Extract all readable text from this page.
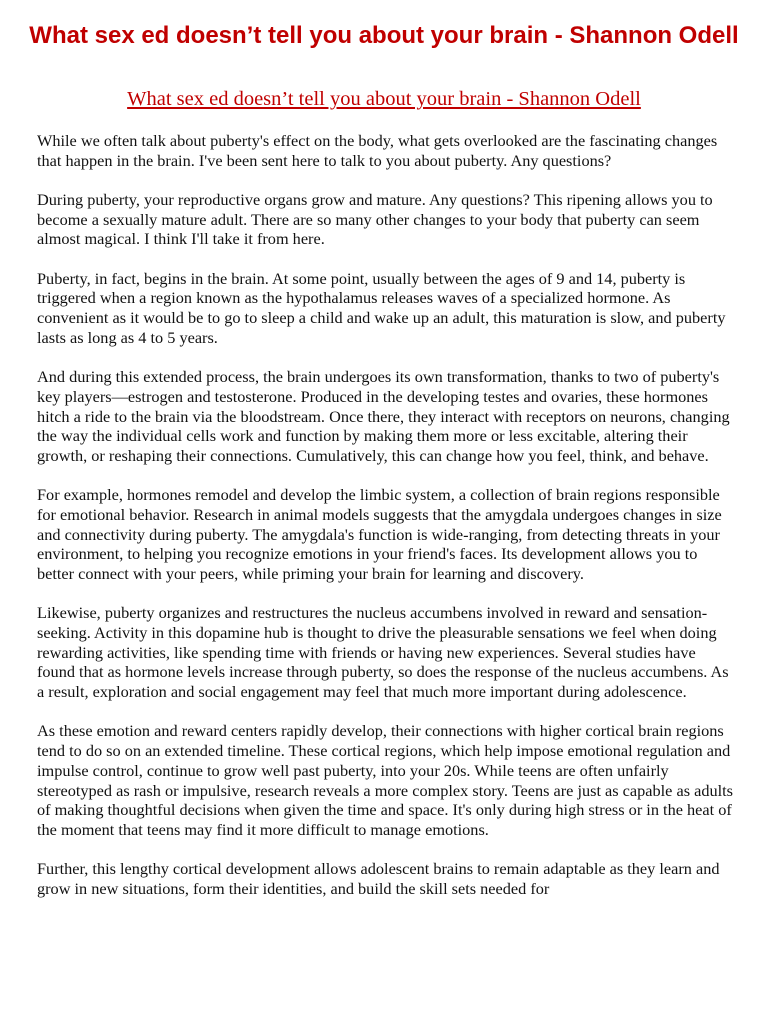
What sex ed doesn’t tell you about your brain - Shannon Odell
What sex ed doesn’t tell you about your brain - Shannon Odell

While we often talk about puberty's effect on the body, what gets overlooked are the fascinating changes that happen in the brain. I've been sent here to talk to you about puberty. Any questions?

During puberty, your reproductive organs grow and mature. Any questions? This ripening allows you to become a sexually mature adult. There are so many other changes to your body that puberty can seem almost magical. I think I'll take it from here.

Puberty, in fact, begins in the brain. At some point, usually between the ages of 9 and 14, puberty is triggered when a region known as the hypothalamus releases waves of a specialized hormone. As convenient as it would be to go to sleep a child and wake up an adult, this maturation is slow, and puberty lasts as long as 4 to 5 years.

And during this extended process, the brain undergoes its own transformation, thanks to two of puberty's key players—estrogen and testosterone. Produced in the developing testes and ovaries, these hormones hitch a ride to the brain via the bloodstream. Once there, they interact with receptors on neurons, changing the way the individual cells work and function by making them more or less excitable, altering their growth, or reshaping their connections. Cumulatively, this can change how you feel, think, and behave.

For example, hormones remodel and develop the limbic system, a collection of brain regions responsible for emotional behavior. Research in animal models suggests that the amygdala undergoes changes in size and connectivity during puberty. The amygdala's function is wide-ranging, from detecting threats in your environment, to helping you recognize emotions in your friend's faces. Its development allows you to better connect with your peers, while priming your brain for learning and discovery.

Likewise, puberty organizes and restructures the nucleus accumbens involved in reward and sensation-seeking. Activity in this dopamine hub is thought to drive the pleasurable sensations we feel when doing rewarding activities, like spending time with friends or having new experiences. Several studies have found that as hormone levels increase through puberty, so does the response of the nucleus accumbens. As a result, exploration and social engagement may feel that much more important during adolescence.

As these emotion and reward centers rapidly develop, their connections with higher cortical brain regions tend to do so on an extended timeline. These cortical regions, which help impose emotional regulation and impulse control, continue to grow well past puberty, into your 20s. While teens are often unfairly stereotyped as rash or impulsive, research reveals a more complex story. Teens are just as capable as adults of making thoughtful decisions when given the time and space. It's only during high stress or in the heat of the moment that teens may find it more difficult to manage emotions.

Further, this lengthy cortical development allows adolescent brains to remain adaptable as they learn and grow in new situations, form their identities, and build the skill sets needed for
